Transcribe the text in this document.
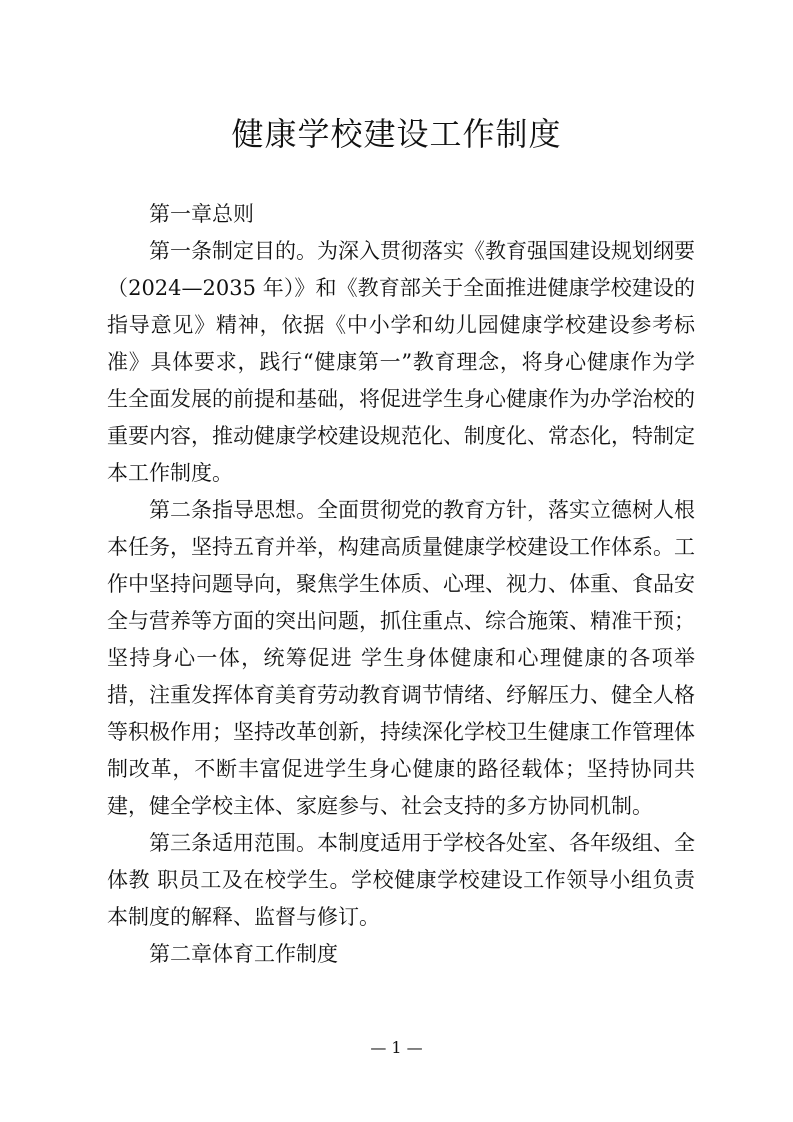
健康学校建设工作制度

第一章总则

第一条制定目的。为深入贯彻落实《教育强国建设规划纲要（2024—2035 年）》和《教育部关于全面推进健康学校建设的指导意见》精神，依据《中小学和幼儿园健康学校建设参考标准》具体要求，践行“健康第一”教育理念，将身心健康作为学生全面发展的前提和基础，将促进学生身心健康作为办学治校的重要内容，推动健康学校建设规范化、制度化、常态化，特制定本工作制度。

第二条指导思想。全面贯彻党的教育方针，落实立德树人根本任务，坚持五育并举，构建高质量健康学校建设工作体系。工作中坚持问题导向，聚焦学生体质、心理、视力、体重、食品安全与营养等方面的突出问题，抓住重点、综合施策、精准干预；坚持身心一体，统筹促进 学生身体健康和心理健康的各项举措，注重发挥体育美育劳动教育调节情绪、纾解压力、健全人格等积极作用；坚持改革创新，持续深化学校卫生健康工作管理体制改革，不断丰富促进学生身心健康的路径载体；坚持协同共建，健全学校主体、家庭参与、社会支持的多方协同机制。

第三条适用范围。本制度适用于学校各处室、各年级组、全体教 职员工及在校学生。学校健康学校建设工作领导小组负责本制度的解释、监督与修订。

第二章体育工作制度

— 1 —
